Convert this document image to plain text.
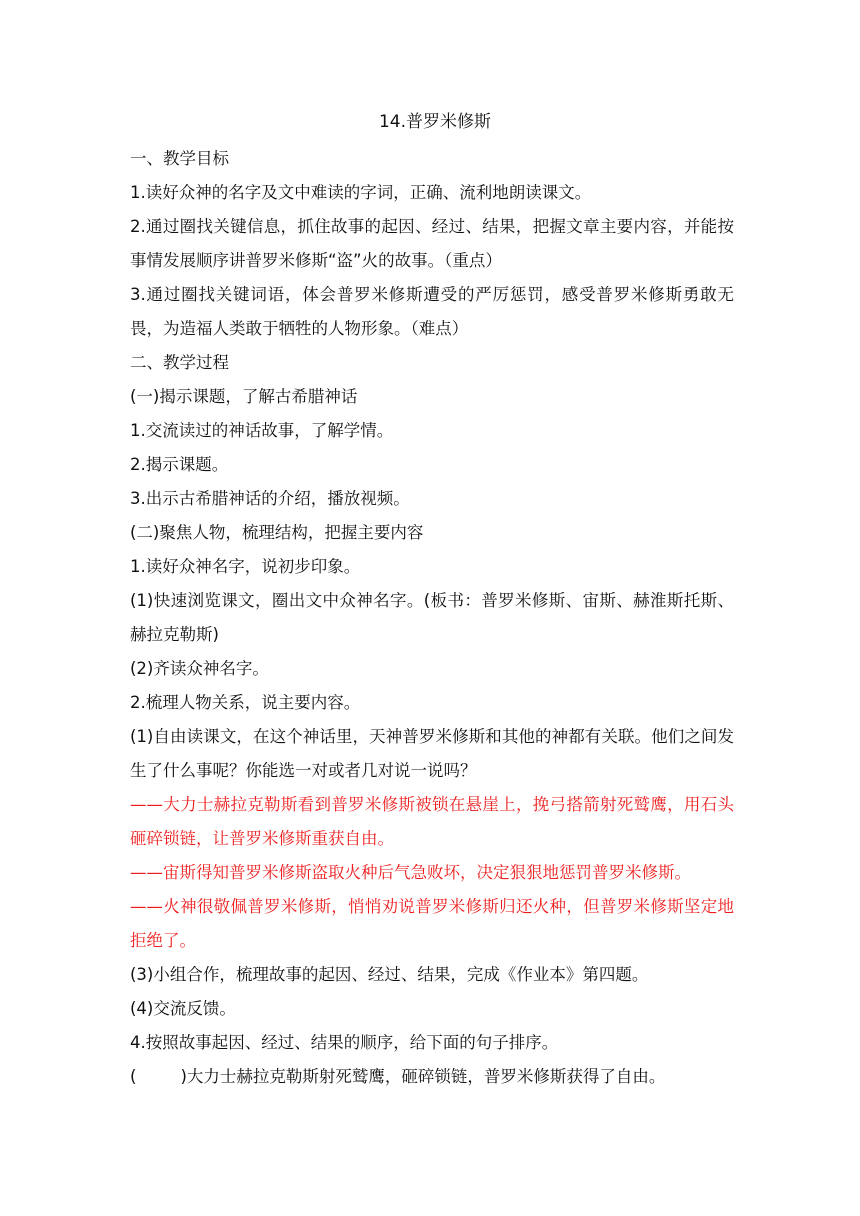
14.普罗米修斯

一、教学目标

1.读好众神的名字及文中难读的字词，正确、流利地朗读课文。

2.通过圈找关键信息，抓住故事的起因、经过、结果，把握文章主要内容，并能按事情发展顺序讲普罗米修斯“盗”火的故事。（重点）

3.通过圈找关键词语，体会普罗米修斯遭受的严厉惩罚，感受普罗米修斯勇敢无畏，为造福人类敢于牺牲的人物形象。（难点）

二、教学过程

(一)揭示课题，了解古希腊神话

1.交流读过的神话故事，了解学情。

2.揭示课题。

3.出示古希腊神话的介绍，播放视频。

(二)聚焦人物，梳理结构，把握主要内容

1.读好众神名字，说初步印象。

(1)快速浏览课文，圈出文中众神名字。(板书：普罗米修斯、宙斯、赫淮斯托斯、赫拉克勒斯)

(2)齐读众神名字。

2.梳理人物关系，说主要内容。

(1)自由读课文，在这个神话里，天神普罗米修斯和其他的神都有关联。他们之间发生了什么事呢？你能选一对或者几对说一说吗？

——大力士赫拉克勒斯看到普罗米修斯被锁在悬崖上，挽弓搭箭射死鹫鹰，用石头砸碎锁链，让普罗米修斯重获自由。

——宙斯得知普罗米修斯盗取火种后气急败坏，决定狠狠地惩罚普罗米修斯。

——火神很敬佩普罗米修斯，悄悄劝说普罗米修斯归还火种，但普罗米修斯坚定地拒绝了。

(3)小组合作，梳理故事的起因、经过、结果，完成《作业本》第四题。

(4)交流反馈。

4.按照故事起因、经过、结果的顺序，给下面的句子排序。

(	)大力士赫拉克勒斯射死鹫鹰，砸碎锁链，普罗米修斯获得了自由。
